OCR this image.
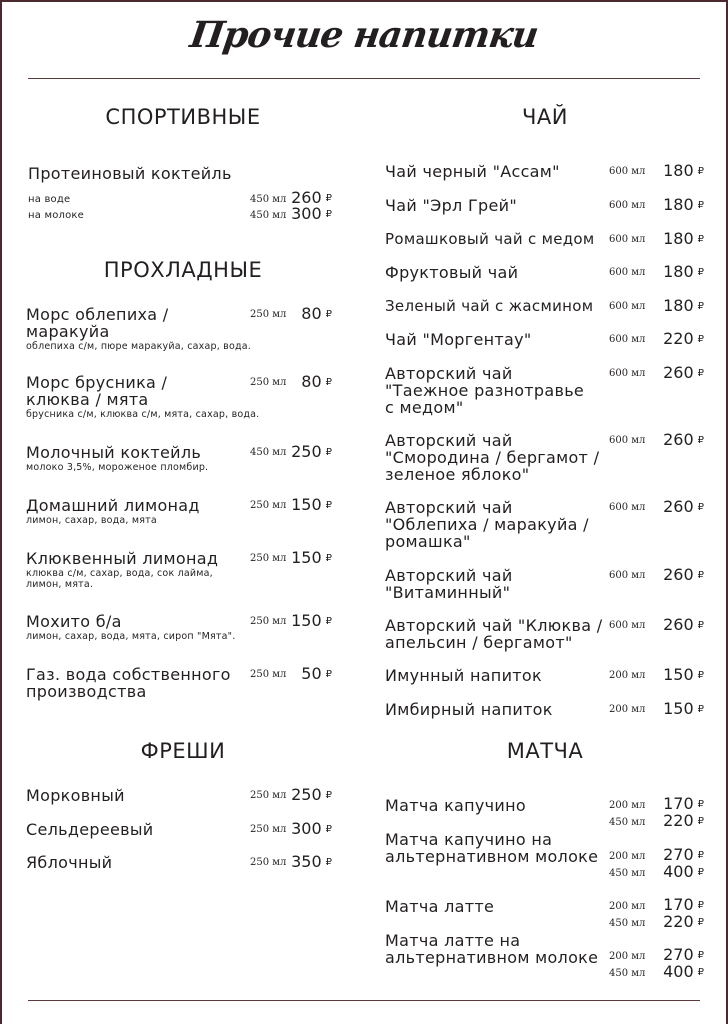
Прочие напитки
СПОРТИВНЫЕ
Протеиновый коктейль
на воде	450 мл 260 ₽
на молоке	450 мл 300 ₽
ПРОХЛАДНЫЕ
Морс облепиха / маракуйа
облепиха с/м, пюре маракуйа, сахар, вода.
250 мл 80 ₽
Морс брусника / клюква / мята
брусника с/м, клюква с/м, мята, сахар, вода.
250 мл 80 ₽
Молочный коктейль
молоко 3,5%, мороженое пломбир.
450 мл 250 ₽
Домашний лимонад
лимон, сахар, вода, мята
250 мл 150 ₽
Клюквенный лимонад
клюква с/м, сахар, вода, сок лайма, лимон, мята.
250 мл 150 ₽
Мохито б/а
лимон, сахар, вода, мята, сироп "Мята".
250 мл 150 ₽
Газ. вода собственного производства
250 мл 50 ₽
ФРЕШИ
Морковный	250 мл 250 ₽
Сельдереевый	250 мл 300 ₽
Яблочный	250 мл 350 ₽
ЧАЙ
Чай черный "Ассам"	600 мл	180 ₽
Чай "Эрл Грей"	600 мл	180 ₽
Ромашковый чай с медом	600 мл	180 ₽
Фруктовый чай	600 мл	180 ₽
Зеленый чай с жасмином	600 мл	180 ₽
Чай "Моргентау"	600 мл	220 ₽
Авторский чай "Таежное разнотравье с медом"
600 мл	260 ₽
Авторский чай "Смородина / бергамот / зеленое яблоко"
600 мл	260 ₽
Авторский чай "Облепиха / маракуйа / ромашка"
600 мл	260 ₽
Авторский чай "Витаминный"
600 мл	260 ₽
Авторский чай "Клюква / апельсин / бергамот"
600 мл	260 ₽
Имунный напиток	200 мл	150 ₽
Имбирный напиток	200 мл	150 ₽
МАТЧА
Матча капучино	200 мл	170 ₽
450 мл	220 ₽
Матча капучино на альтернативном молоке	200 мл	270 ₽
450 мл	400 ₽
Матча латте	200 мл	170 ₽
450 мл	220 ₽
Матча латте на альтернативном молоке	200 мл	270 ₽
450 мл	400 ₽
